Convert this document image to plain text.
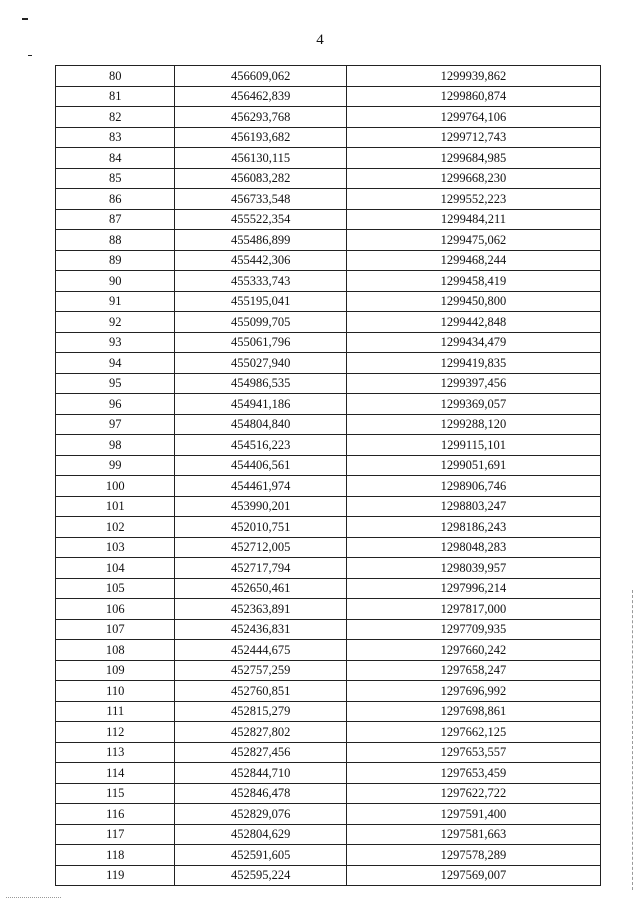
4
80	456609,062	1299939,862
81	456462,839	1299860,874
82	456293,768	1299764,106
83	456193,682	1299712,743
84	456130,115	1299684,985
85	456083,282	1299668,230
86	456733,548	1299552,223
87	455522,354	1299484,211
88	455486,899	1299475,062
89	455442,306	1299468,244
90	455333,743	1299458,419
91	455195,041	1299450,800
92	455099,705	1299442,848
93	455061,796	1299434,479
94	455027,940	1299419,835
95	454986,535	1299397,456
96	454941,186	1299369,057
97	454804,840	1299288,120
98	454516,223	1299115,101
99	454406,561	1299051,691
100	454461,974	1298906,746
101	453990,201	1298803,247
102	452010,751	1298186,243
103	452712,005	1298048,283
104	452717,794	1298039,957
105	452650,461	1297996,214
106	452363,891	1297817,000
107	452436,831	1297709,935
108	452444,675	1297660,242
109	452757,259	1297658,247
110	452760,851	1297696,992
111	452815,279	1297698,861
112	452827,802	1297662,125
113	452827,456	1297653,557
114	452844,710	1297653,459
115	452846,478	1297622,722
116	452829,076	1297591,400
117	452804,629	1297581,663
118	452591,605	1297578,289
119	452595,224	1297569,007
